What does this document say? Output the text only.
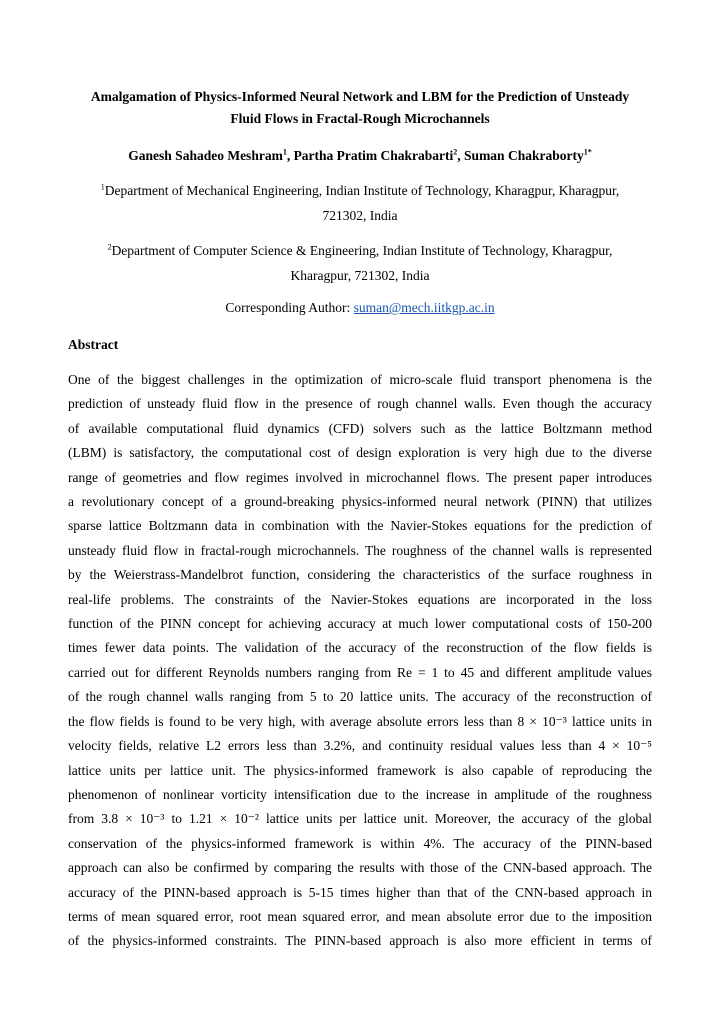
Amalgamation of Physics-Informed Neural Network and LBM for the Prediction of Unsteady
Fluid Flows in Fractal-Rough Microchannels
Ganesh Sahadeo Meshram$^1$, Partha Pratim Chakrabarti$^2$, Suman Chakraborty$^{1*}$
$^1$Department of Mechanical Engineering, Indian Institute of Technology, Kharagpur, Kharagpur,
721302, India
$^2$Department of Computer Science & Engineering, Indian Institute of Technology, Kharagpur,
Kharagpur, 721302, India
Corresponding Author: suman@mech.iitkgp.ac.in
Abstract
One of the biggest challenges in the optimization of micro-scale fluid transport phenomena is the
prediction of unsteady fluid flow in the presence of rough channel walls. Even though the accuracy
of available computational fluid dynamics (CFD) solvers such as the lattice Boltzmann method
(LBM) is satisfactory, the computational cost of design exploration is very high due to the diverse
range of geometries and flow regimes involved in microchannel flows. The present paper introduces
a revolutionary concept of a ground-breaking physics-informed neural network (PINN) that utilizes
sparse lattice Boltzmann data in combination with the Navier-Stokes equations for the prediction of
unsteady fluid flow in fractal-rough microchannels. The roughness of the channel walls is represented
by the Weierstrass-Mandelbrot function, considering the characteristics of the surface roughness in
real-life problems. The constraints of the Navier-Stokes equations are incorporated in the loss
function of the PINN concept for achieving accuracy at much lower computational costs of 150-200
times fewer data points. The validation of the accuracy of the reconstruction of the flow fields is
carried out for different Reynolds numbers ranging from Re = 1 to 45 and different amplitude values
of the rough channel walls ranging from 5 to 20 lattice units. The accuracy of the reconstruction of
the flow fields is found to be very high, with average absolute errors less than 8 × 10⁻³ lattice units in
velocity fields, relative L2 errors less than 3.2%, and continuity residual values less than 4 × 10⁻⁵
lattice units per lattice unit. The physics-informed framework is also capable of reproducing the
phenomenon of nonlinear vorticity intensification due to the increase in amplitude of the roughness
from 3.8 × 10⁻³ to 1.21 × 10⁻² lattice units per lattice unit. Moreover, the accuracy of the global
conservation of the physics-informed framework is within 4%. The accuracy of the PINN-based
approach can also be confirmed by comparing the results with those of the CNN-based approach. The
accuracy of the PINN-based approach is 5-15 times higher than that of the CNN-based approach in
terms of mean squared error, root mean squared error, and mean absolute error due to the imposition
of the physics-informed constraints. The PINN-based approach is also more efficient in terms of
